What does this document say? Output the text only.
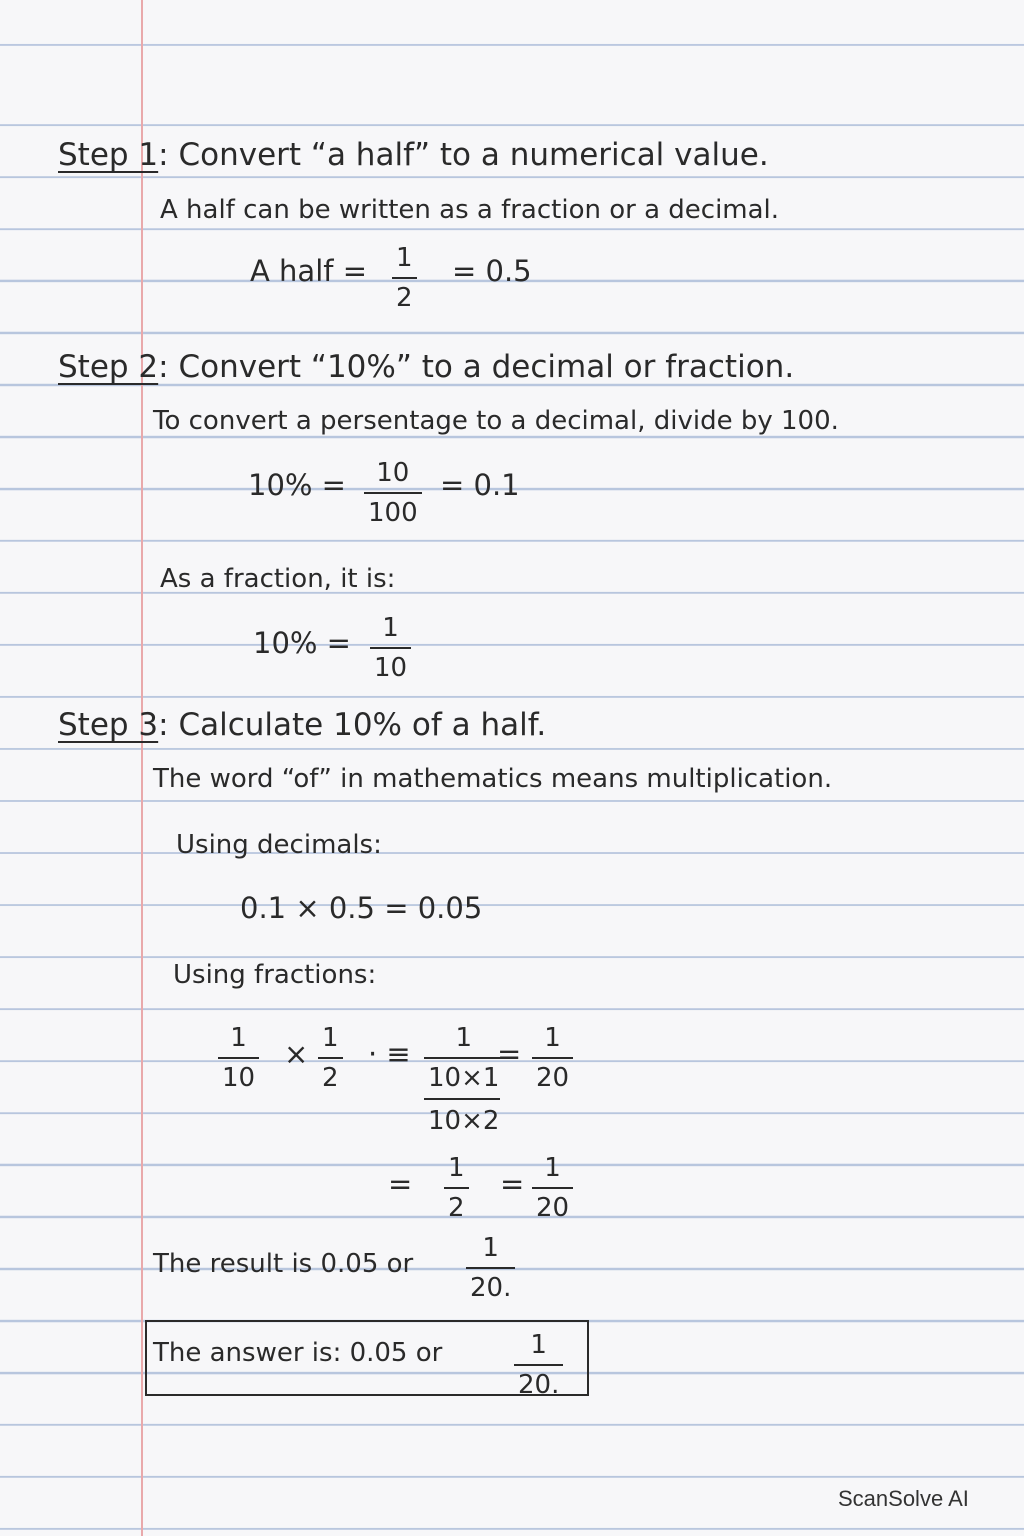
Step 1: Convert “a half” to a numerical value.
A half can be written as a fraction or a decimal.
A half = 1
2
= 0.5
Step 2: Convert “10%” to a decimal or fraction.
To convert a persentage to a decimal, divide by 100.
10% =	10
100
= 0.1
As a fraction, it is:
10% =	1
10
Step 3: Calculate 10% of a half.
The word “of” in mathematics means multiplication.
Using decimals:
0.1 × 0.5 = 0.05
Using fractions:
1
10
× 1
2
· ≡	1
10×1
10×2
= 1
20
= 1
2
= 1
20
The result is 0.05 or
1
20.
The answer is: 0.05 or	1
20.
ScanSolve AI
